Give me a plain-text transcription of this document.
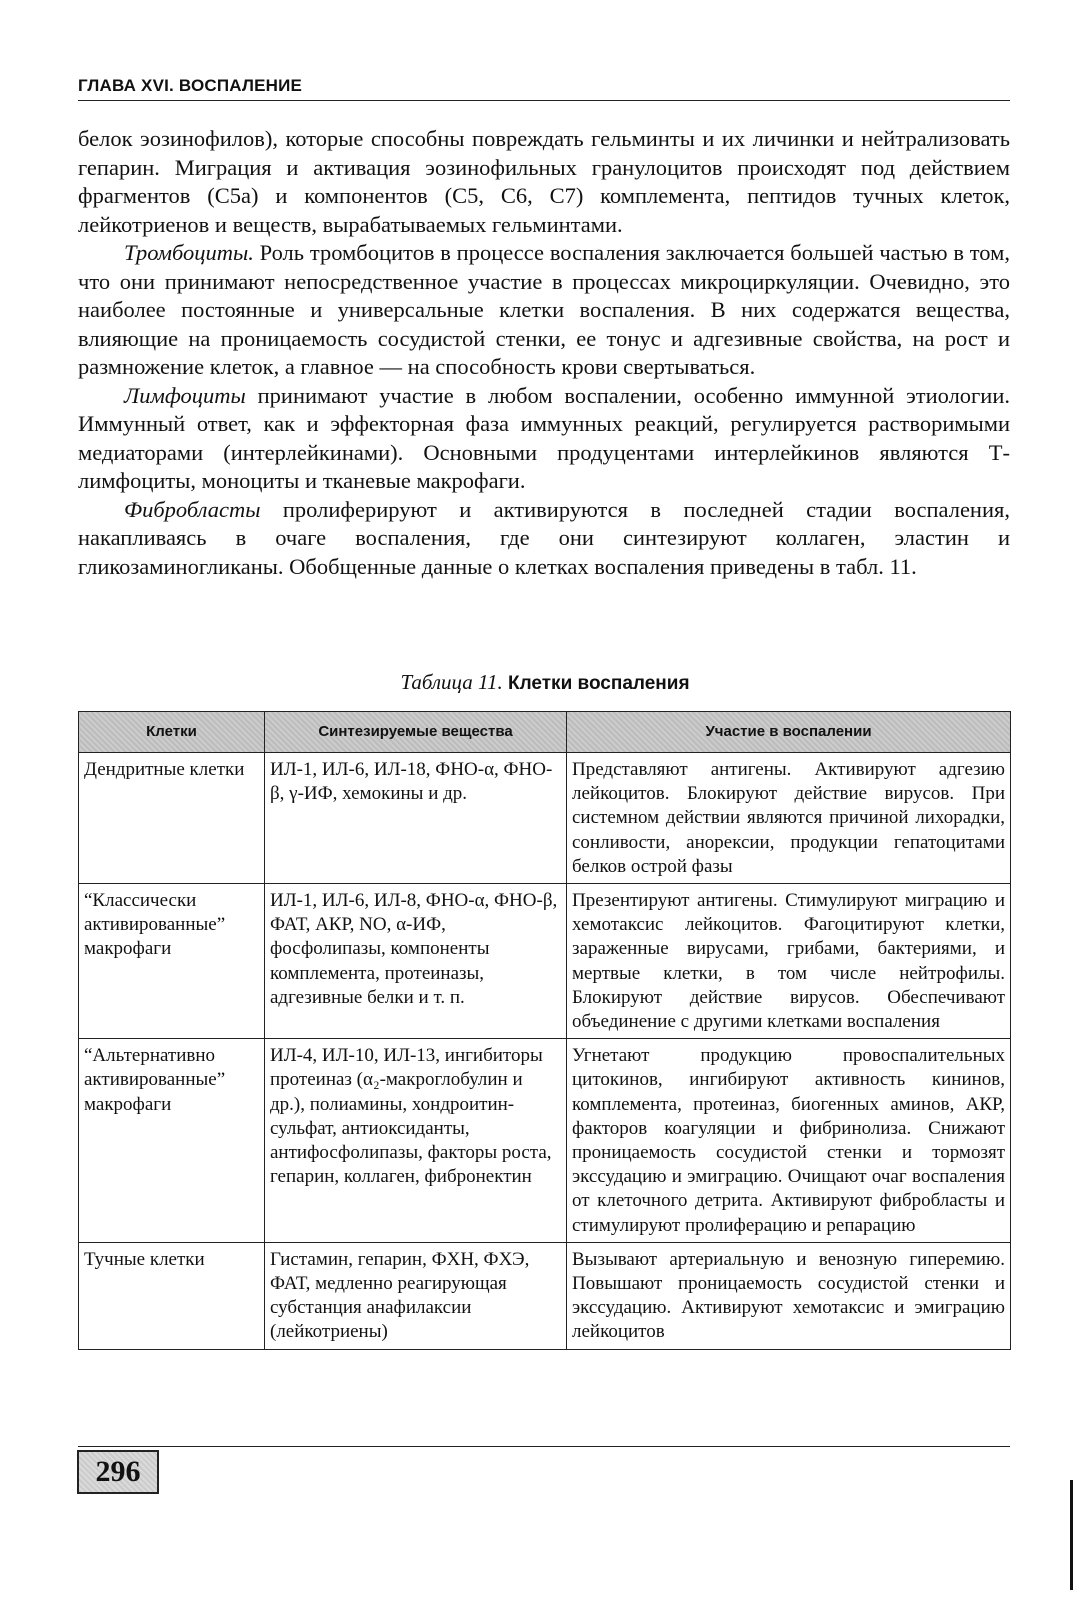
ГЛАВА XVI. ВОСПАЛЕНИЕ

белок эозинофилов), которые способны повреждать гельминты и их личинки и нейтрализовать гепарин. Миграция и активация эозинофильных гранулоцитов происходят под действием фрагментов (С5а) и компонентов (С5, С6, С7) комплемента, пептидов тучных клеток, лейкотриенов и веществ, вырабатываемых гельминтами.

Тромбоциты. Роль тромбоцитов в процессе воспаления заключается большей частью в том, что они принимают непосредственное участие в процессах микроциркуляции. Очевидно, это наиболее постоянные и универсальные клетки воспаления. В них содержатся вещества, влияющие на проницаемость сосудистой стенки, ее тонус и адгезивные свойства, на рост и размножение клеток, а главное — на способность крови свертываться.

Лимфоциты принимают участие в любом воспалении, особенно иммунной этиологии. Иммунный ответ, как и эффекторная фаза иммунных реакций, регулируется растворимыми медиаторами (интерлейкинами). Основными продуцентами интерлейкинов являются Т-лимфоциты, моноциты и тканевые макрофаги.

Фибробласты пролиферируют и активируются в последней стадии воспаления, накапливаясь в очаге воспаления, где они синтезируют коллаген, эластин и гликозаминогликаны. Обобщенные данные о клетках воспаления приведены в табл. 11.

Таблица 11. Клетки воспаления
Клетки	Синтезируемые вещества	Участие в воспалении
Дендритные клетки	ИЛ-1, ИЛ-6, ИЛ-18, ФНО-α, ФНО-β, γ-ИФ, хемокины и др.	Представляют антигены. Активируют адгезию лейкоцитов. Блокируют действие вирусов. При системном действии являются причиной лихорадки, сонливости, анорексии, продукции гепатоцитами белков острой фазы
“Классически активированные” макрофаги	ИЛ-1, ИЛ-6, ИЛ-8, ФНО-α, ФНО-β, ФАТ, АКР, NO, α-ИФ, фосфолипазы, компоненты комплемента, протеиназы, адгезивные белки и т. п.	Презентируют антигены. Стимулируют миграцию и хемотаксис лейкоцитов. Фагоцитируют клетки, зараженные вирусами, грибами, бактериями, и мертвые клетки, в том числе нейтрофилы. Блокируют действие вирусов. Обеспечивают объединение с другими клетками воспаления
“Альтернативно активированные” макрофаги	ИЛ-4, ИЛ-10, ИЛ-13, ингибиторы протеиназ (α₂-макроглобулин и др.), полиамины, хондроитин-сульфат, антиоксиданты, антифосфолипазы, факторы роста, гепарин, коллаген, фибронектин	Угнетают продукцию провоспалительных цитокинов, ингибируют активность кининов, комплемента, протеиназ, биогенных аминов, АКР, факторов коагуляции и фибринолиза. Снижают проницаемость сосудистой стенки и тормозят экссудацию и эмиграцию. Очищают очаг воспаления от клеточного детрита. Активируют фибробласты и стимулируют пролиферацию и репарацию
Тучные клетки	Гистамин, гепарин, ФХН, ФХЭ, ФАТ, медленно реагирующая субстанция анафилаксии (лейкотриены)	Вызывают артериальную и венозную гиперемию. Повышают проницаемость сосудистой стенки и экссудацию. Активируют хемотаксис и эмиграцию лейкоцитов
296
